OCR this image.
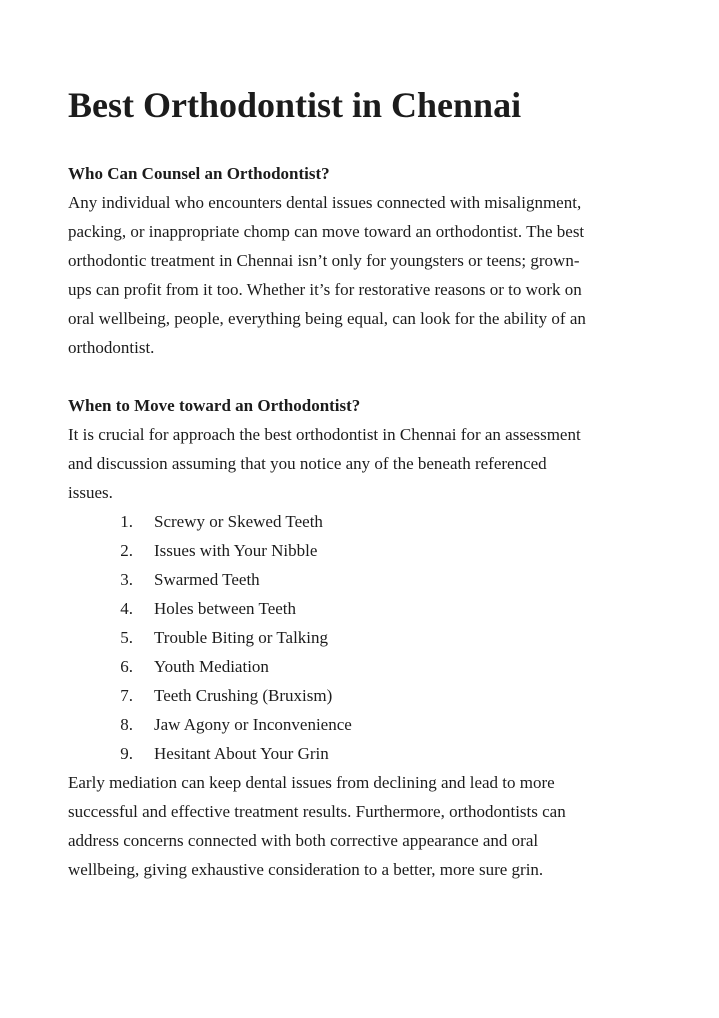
Best Orthodontist in Chennai
Who Can Counsel an Orthodontist?
Any individual who encounters dental issues connected with misalignment,
packing, or inappropriate chomp can move toward an orthodontist. The best
orthodontic treatment in Chennai isn’t only for youngsters or teens; grown-
ups can profit from it too. Whether it’s for restorative reasons or to work on
oral wellbeing, people, everything being equal, can look for the ability of an
orthodontist.
When to Move toward an Orthodontist?
It is crucial for approach the best orthodontist in Chennai for an assessment
and discussion assuming that you notice any of the beneath referenced
issues.
1. Screwy or Skewed Teeth
2. Issues with Your Nibble
3. Swarmed Teeth
4. Holes between Teeth
5. Trouble Biting or Talking
6. Youth Mediation
7. Teeth Crushing (Bruxism)
8. Jaw Agony or Inconvenience
9. Hesitant About Your Grin
Early mediation can keep dental issues from declining and lead to more
successful and effective treatment results. Furthermore, orthodontists can
address concerns connected with both corrective appearance and oral
wellbeing, giving exhaustive consideration to a better, more sure grin.
